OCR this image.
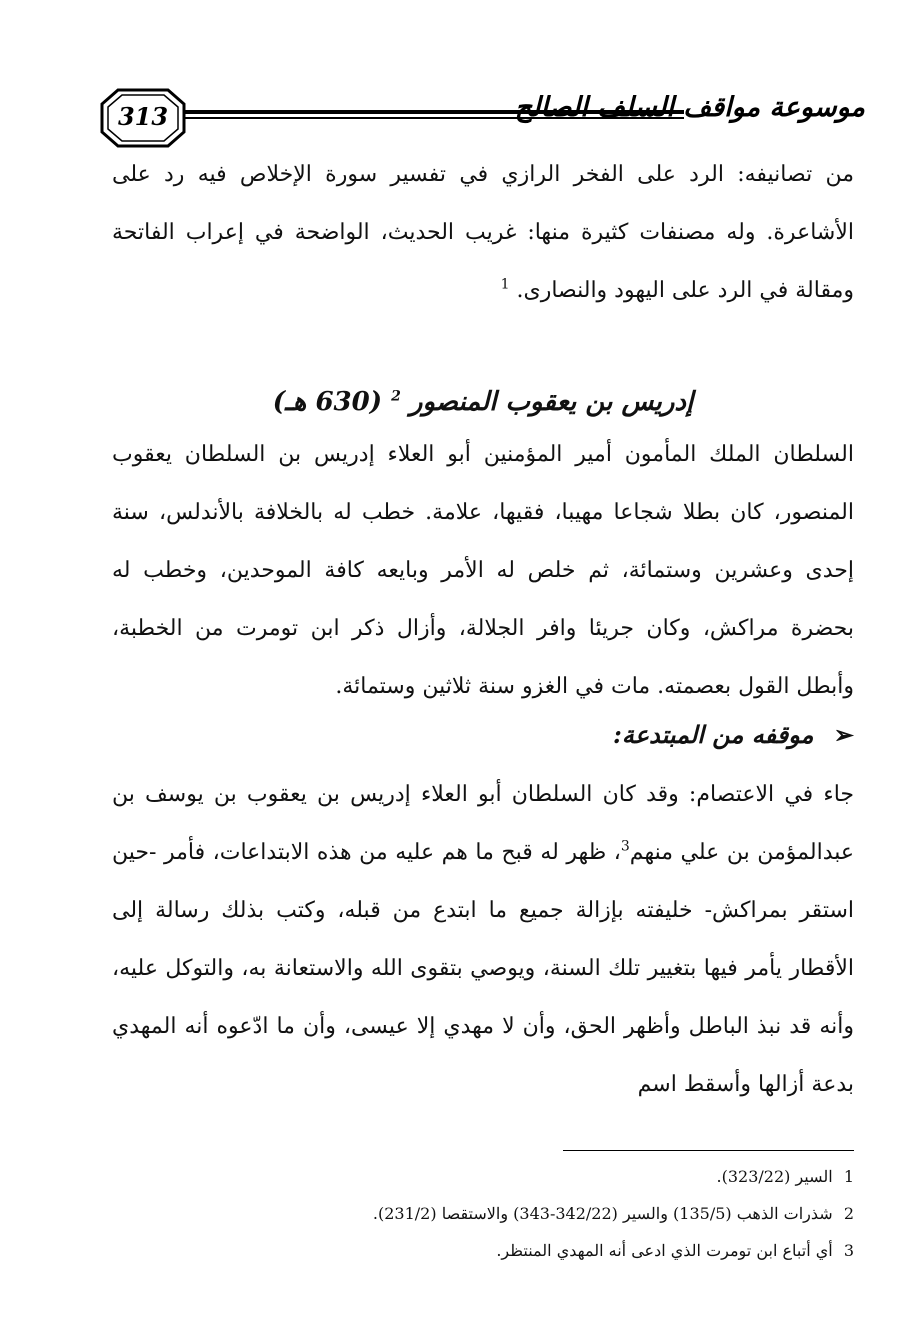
313	موسوعة مواقف السلف الصالح

من تصانيفه: الرد على الفخر الرازي في تفسير سورة الإخلاص فيه رد على الأشاعرة. وله مصنفات كثيرة منها: غريب الحديث، الواضحة في إعراب الفاتحة ومقالة في الرد على اليهود والنصارى. $^1$

إدريس بن يعقوب المنصور $^2$ (630 هـ)

السلطان الملك المأمون أمير المؤمنين أبو العلاء إدريس بن السلطان يعقوب المنصور، كان بطلا شجاعا مهيبا، فقيها، علامة. خطب له بالخلافة بالأندلس، سنة إحدى وعشرين وستمائة، ثم خلص له الأمر وبايعه كافة الموحدين، وخطب له بحضرة مراكش، وكان جريئا وافر الجلالة، وأزال ذكر ابن تومرت من الخطبة، وأبطل القول بعصمته. مات في الغزو سنة ثلاثين وستمائة.

➢ موقفه من المبتدعة:

جاء في الاعتصام: وقد كان السلطان أبو العلاء إدريس بن يعقوب بن يوسف بن عبدالمؤمن بن علي منهم$^3$، ظهر له قبح ما هم عليه من هذه الابتداعات، فأمر -حين استقر بمراكش- خليفته بإزالة جميع ما ابتدع من قبله، وكتب بذلك رسالة إلى الأقطار يأمر فيها بتغيير تلك السنة، ويوصي بتقوى الله والاستعانة به، والتوكل عليه، وأنه قد نبذ الباطل وأظهر الحق، وأن لا مهدي إلا عيسى، وأن ما ادّعوه أنه المهدي بدعة أزالها وأسقط اسم

1 السير (323/22).
2 شذرات الذهب (135/5) والسير (342/22-343) والاستقصا (231/2).
3 أي أتباع ابن تومرت الذي ادعى أنه المهدي المنتظر.
